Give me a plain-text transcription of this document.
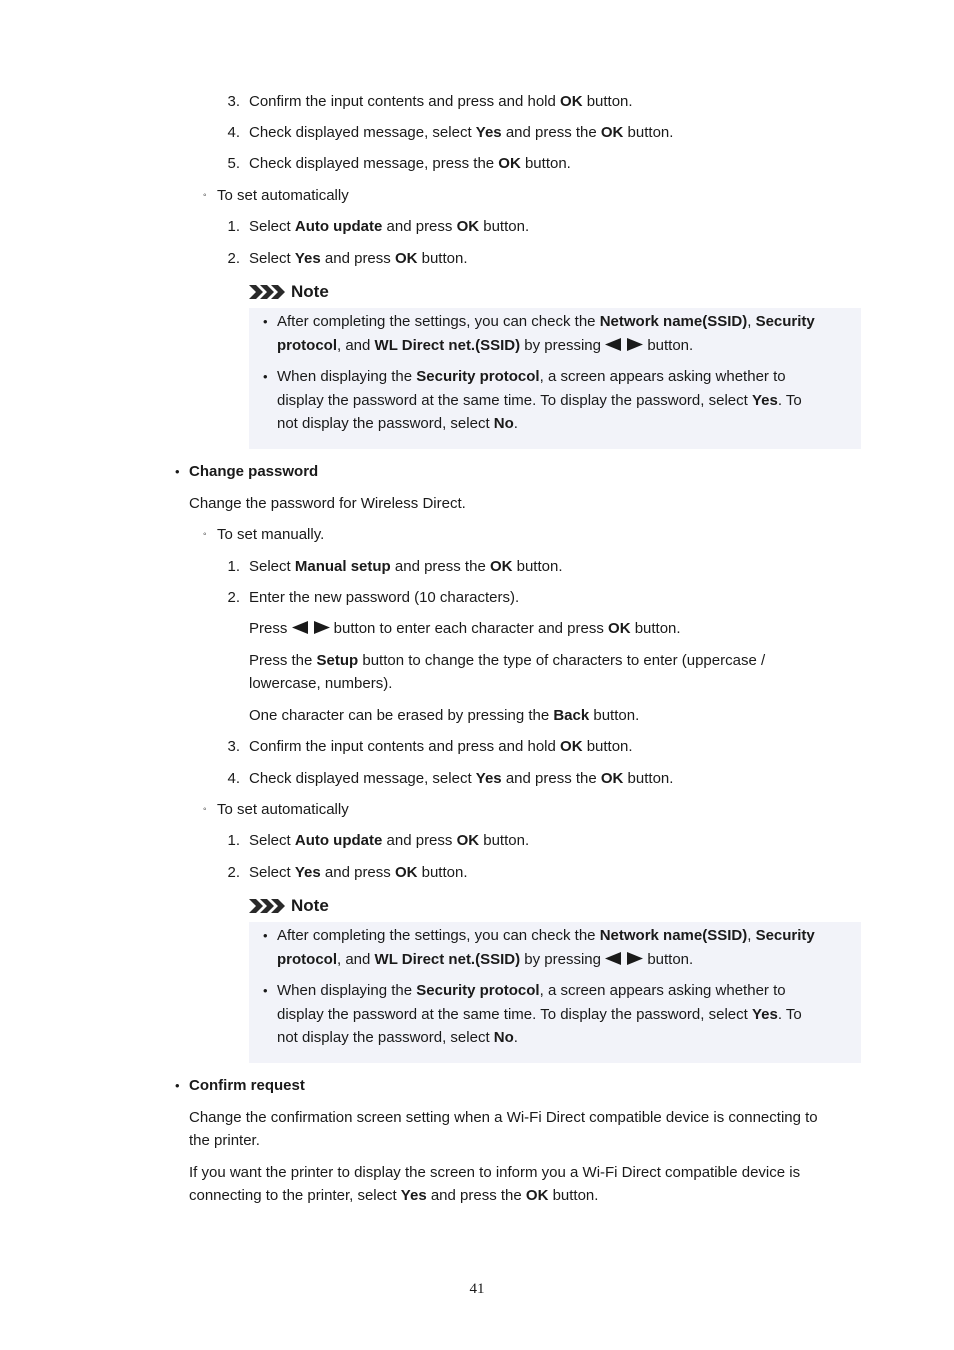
3. Confirm the input contents and press and hold OK button.
4. Check displayed message, select Yes and press the OK button.
5. Check displayed message, press the OK button.
◦ To set automatically
1. Select Auto update and press OK button.
2. Select Yes and press OK button.
Note
• After completing the settings, you can check the Network name(SSID), Security
protocol, and WL Direct net.(SSID) by pressing	button.
• When displaying the Security protocol, a screen appears asking whether to
display the password at the same time. To display the password, select Yes. To
not display the password, select No.
• Change password
Change the password for Wireless Direct.
◦ To set manually.
1. Select Manual setup and press the OK button.
2. Enter the new password (10 characters).
Press	button to enter each character and press OK button.
Press the Setup button to change the type of characters to enter (uppercase /
lowercase, numbers).
One character can be erased by pressing the Back button.
3. Confirm the input contents and press and hold OK button.
4. Check displayed message, select Yes and press the OK button.
◦ To set automatically
1. Select Auto update and press OK button.
2. Select Yes and press OK button.
Note
• After completing the settings, you can check the Network name(SSID), Security
protocol, and WL Direct net.(SSID) by pressing	button.
• When displaying the Security protocol, a screen appears asking whether to
display the password at the same time. To display the password, select Yes. To
not display the password, select No.
• Confirm request
Change the confirmation screen setting when a Wi-Fi Direct compatible device is connecting to
the printer.
If you want the printer to display the screen to inform you a Wi-Fi Direct compatible device is
connecting to the printer, select Yes and press the OK button.
41
